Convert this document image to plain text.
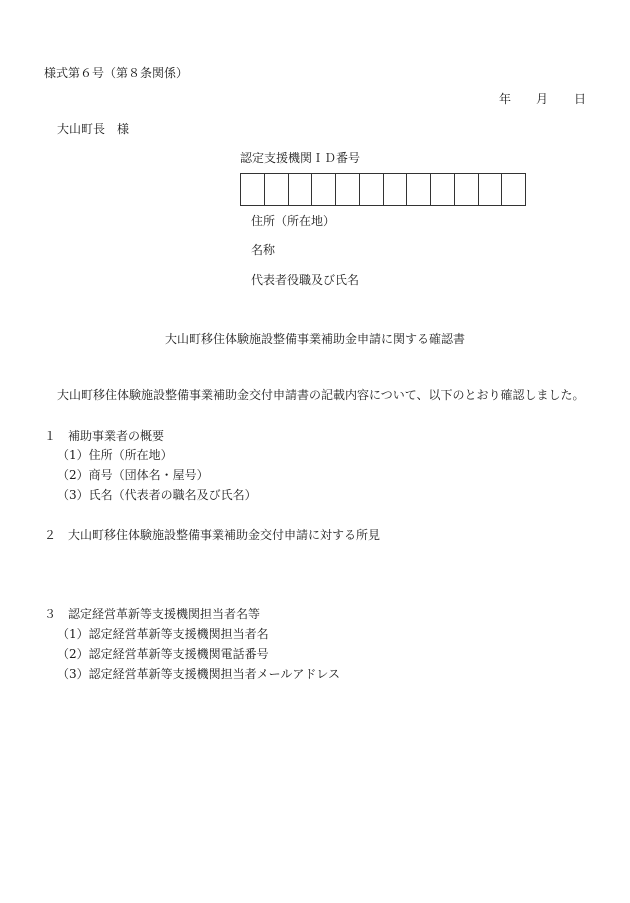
様式第６号（第８条関係）
年 月 日
大山町長　様
認定支援機関ＩＤ番号
住所（所在地）
名称
代表者役職及び氏名
大山町移住体験施設整備事業補助金申請に関する確認書
大山町移住体験施設整備事業補助金交付申請書の記載内容について、以下のとおり確認しました。
１　補助事業者の概要
（1）住所（所在地）
（2）商号（団体名・屋号）
（3）氏名（代表者の職名及び氏名）
２　大山町移住体験施設整備事業補助金交付申請に対する所見
３　認定経営革新等支援機関担当者名等
（1）認定経営革新等支援機関担当者名
（2）認定経営革新等支援機関電話番号
（3）認定経営革新等支援機関担当者メールアドレス
